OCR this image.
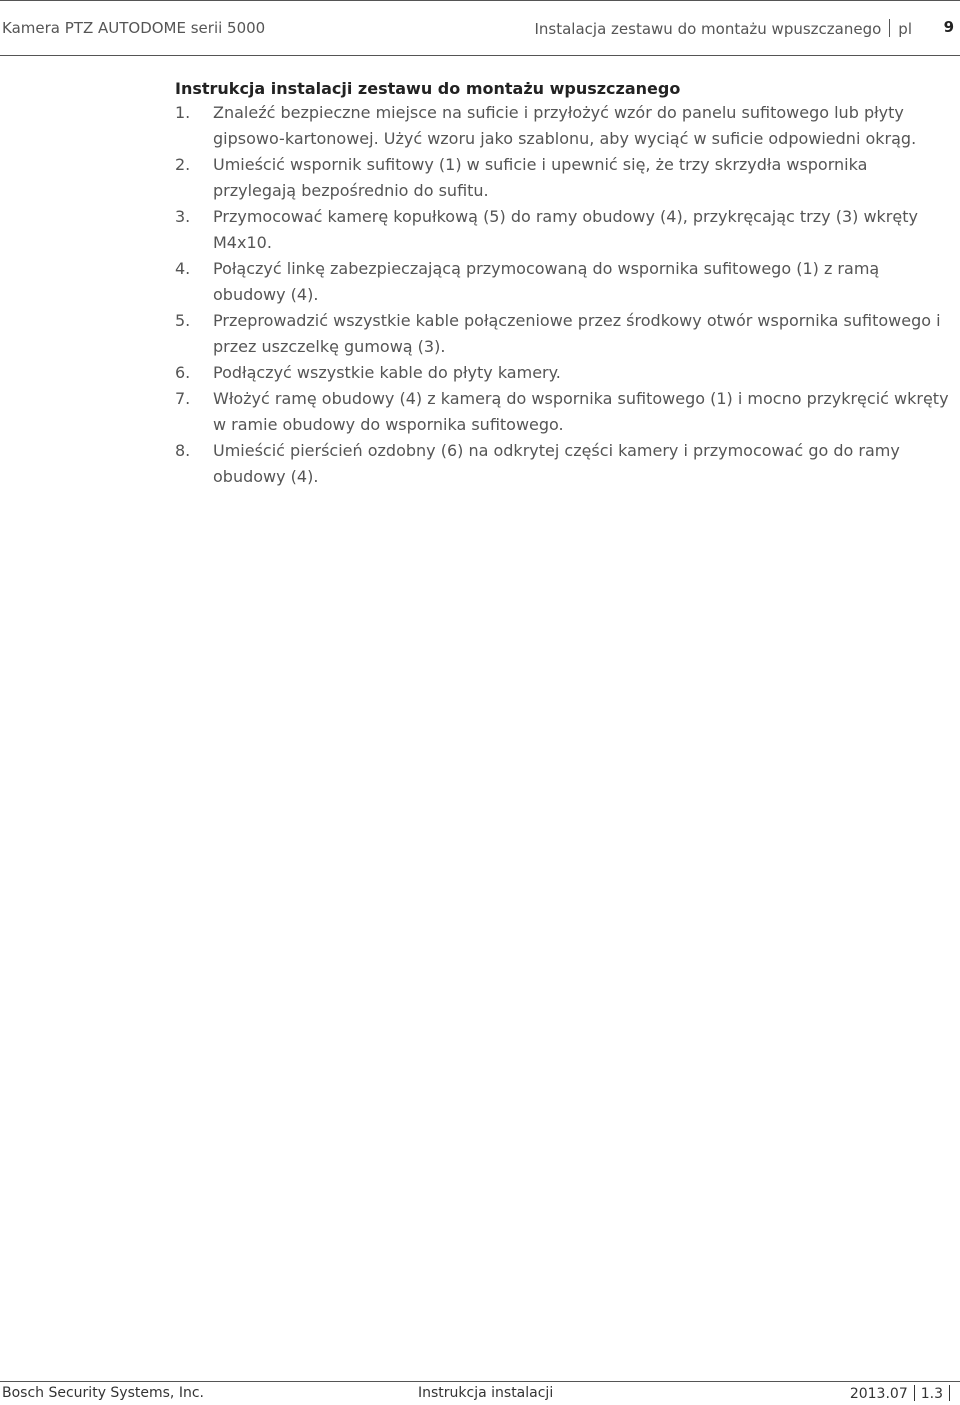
Kamera PTZ AUTODOME serii 5000	Instalacja zestawu do montażu wpuszczanego pl 9
Instrukcja instalacji zestawu do montażu wpuszczanego
1.	Znaleźć bezpieczne miejsce na suficie i przyłożyć wzór do panelu sufitowego lub płyty gipsowo-kartonowej. Użyć wzoru jako szablonu, aby wyciąć w suficie odpowiedni okrąg.
2.	Umieścić wspornik sufitowy (1) w suficie i upewnić się, że trzy skrzydła wspornika przylegają bezpośrednio do sufitu.
3.	Przymocować kamerę kopułkową (5) do ramy obudowy (4), przykręcając trzy (3) wkręty M4x10.
4.	Połączyć linkę zabezpieczającą przymocowaną do wspornika sufitowego (1) z ramą obudowy (4).
5.	Przeprowadzić wszystkie kable połączeniowe przez środkowy otwór wspornika sufitowego i przez uszczelkę gumową (3).
6.	Podłączyć wszystkie kable do płyty kamery.
7.	Włożyć ramę obudowy (4) z kamerą do wspornika sufitowego (1) i mocno przykręcić wkręty w ramie obudowy do wspornika sufitowego.
8.	Umieścić pierścień ozdobny (6) na odkrytej części kamery i przymocować go do ramy obudowy (4).
Bosch Security Systems, Inc.	Instrukcja instalacji	2013.07 1.3
